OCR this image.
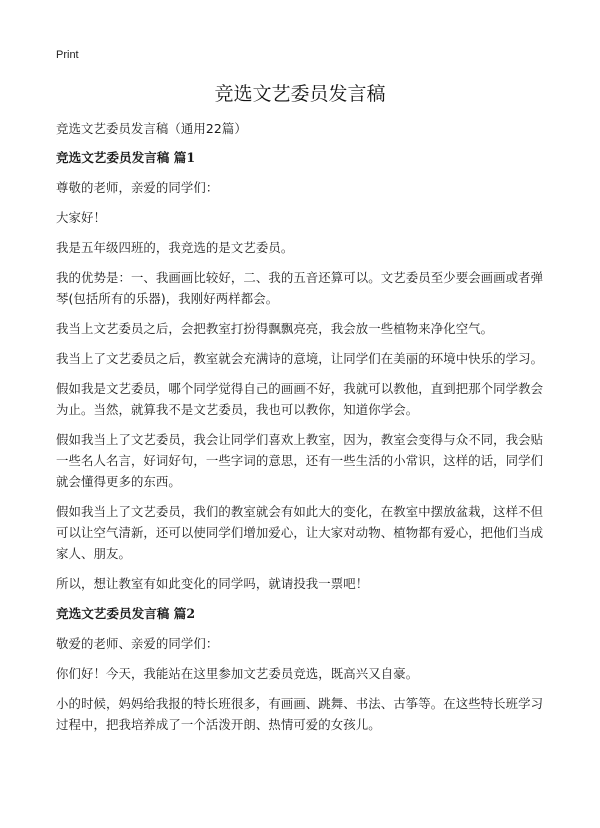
Print
竞选文艺委员发言稿

竞选文艺委员发言稿（通用22篇）

竞选文艺委员发言稿 篇1

尊敬的老师，亲爱的同学们：

大家好！

我是五年级四班的，我竞选的是文艺委员。

我的优势是：一、我画画比较好，二、我的五音还算可以。文艺委员至少要会画画或者弹琴(包括所有的乐器)，我刚好两样都会。

我当上文艺委员之后，会把教室打扮得飘飘亮亮，我会放一些植物来净化空气。

我当上了文艺委员之后，教室就会充满诗的意境，让同学们在美丽的环境中快乐的学习。

假如我是文艺委员，哪个同学觉得自己的画画不好，我就可以教他，直到把那个同学教会为止。当然，就算我不是文艺委员，我也可以教你，知道你学会。

假如我当上了文艺委员，我会让同学们喜欢上教室，因为，教室会变得与众不同，我会贴一些名人名言，好词好句，一些字词的意思，还有一些生活的小常识，这样的话，同学们就会懂得更多的东西。

假如我当上了文艺委员，我们的教室就会有如此大的变化，在教室中摆放盆栽，这样不但可以让空气清新，还可以使同学们增加爱心，让大家对动物、植物都有爱心，把他们当成家人、朋友。

所以，想让教室有如此变化的同学吗，就请投我一票吧！

竞选文艺委员发言稿 篇2

敬爱的老师、亲爱的同学们：

你们好！今天，我能站在这里参加文艺委员竞选，既高兴又自豪。

小的时候，妈妈给我报的特长班很多，有画画、跳舞、书法、古筝等。在这些特长班学习过程中，把我培养成了一个活泼开朗、热情可爱的女孩儿。
